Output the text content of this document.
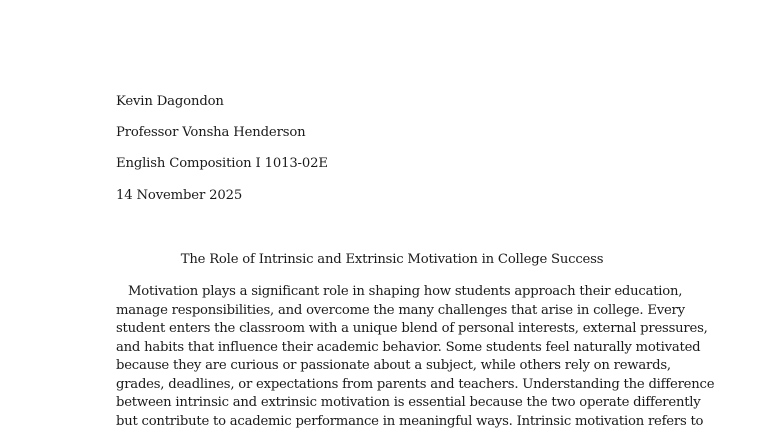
Kevin Dagondon
Professor Vonsha Henderson
English Composition I 1013-02E
14 November 2025
The Role of Intrinsic and Extrinsic Motivation in College Success
Motivation plays a significant role in shaping how students approach their education,
manage responsibilities, and overcome the many challenges that arise in college. Every
student enters the classroom with a unique blend of personal interests, external pressures,
and habits that influence their academic behavior. Some students feel naturally motivated
because they are curious or passionate about a subject, while others rely on rewards,
grades, deadlines, or expectations from parents and teachers. Understanding the difference
between intrinsic and extrinsic motivation is essential because the two operate differently
but contribute to academic performance in meaningful ways. Intrinsic motivation refers to
